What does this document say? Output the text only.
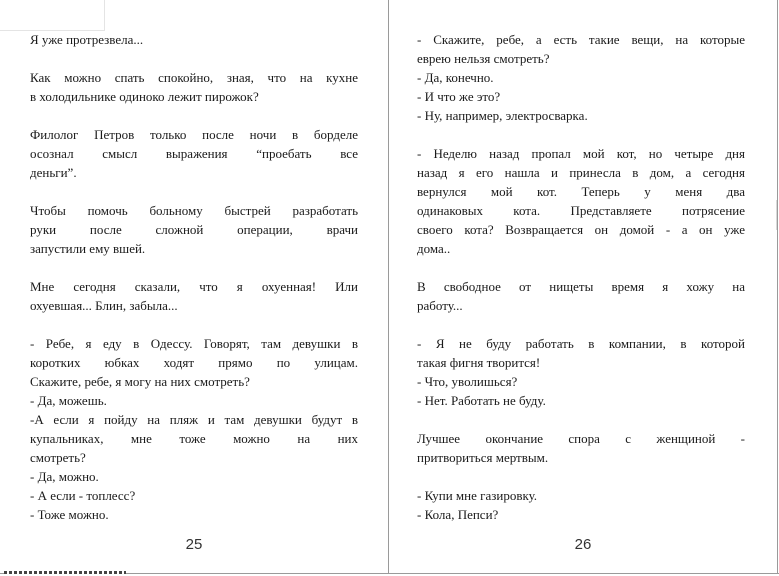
Я уже протрезвела...
Как можно спать спокойно, зная, что на кухне
в холодильнике одиноко лежит пирожок?
Филолог Петров только после ночи в борделе
осознал смысл выражения “проебать все
деньги”.
Чтобы помочь больному быстрей разработать
руки после сложной операции, врачи
запустили ему вшей.
Мне сегодня сказали, что я охуенная! Или
охуевшая... Блин, забыла...
- Ребе, я еду в Одессу. Говорят, там девушки в
коротких юбках ходят прямо по улицам.
Скажите, ребе, я могу на них смотреть?
- Да, можешь.
-А если я пойду на пляж и там девушки будут в
купальниках, мне тоже можно на них
смотреть?
- Да, можно.
- А если - топлесс?
- Тоже можно.
25
- Скажите, ребе, а есть такие вещи, на которые
еврею нельзя смотреть?
- Да, конечно.
- И что же это?
- Ну, например, электросварка.
- Неделю назад пропал мой кот, но четыре дня
назад я его нашла и принесла в дом, а сегодня
вернулся мой кот. Теперь у меня два
одинаковых кота. Представляете потрясение
своего кота? Возвращается он домой - а он уже
дома..
В свободное от нищеты время я хожу на
работу...
- Я не буду работать в компании, в которой
такая фигня творится!
- Что, уволишься?
- Нет. Работать не буду.
Лучшее окончание спора с женщиной -
притвориться мертвым.
- Купи мне газировку.
- Кола, Пепси?
26
